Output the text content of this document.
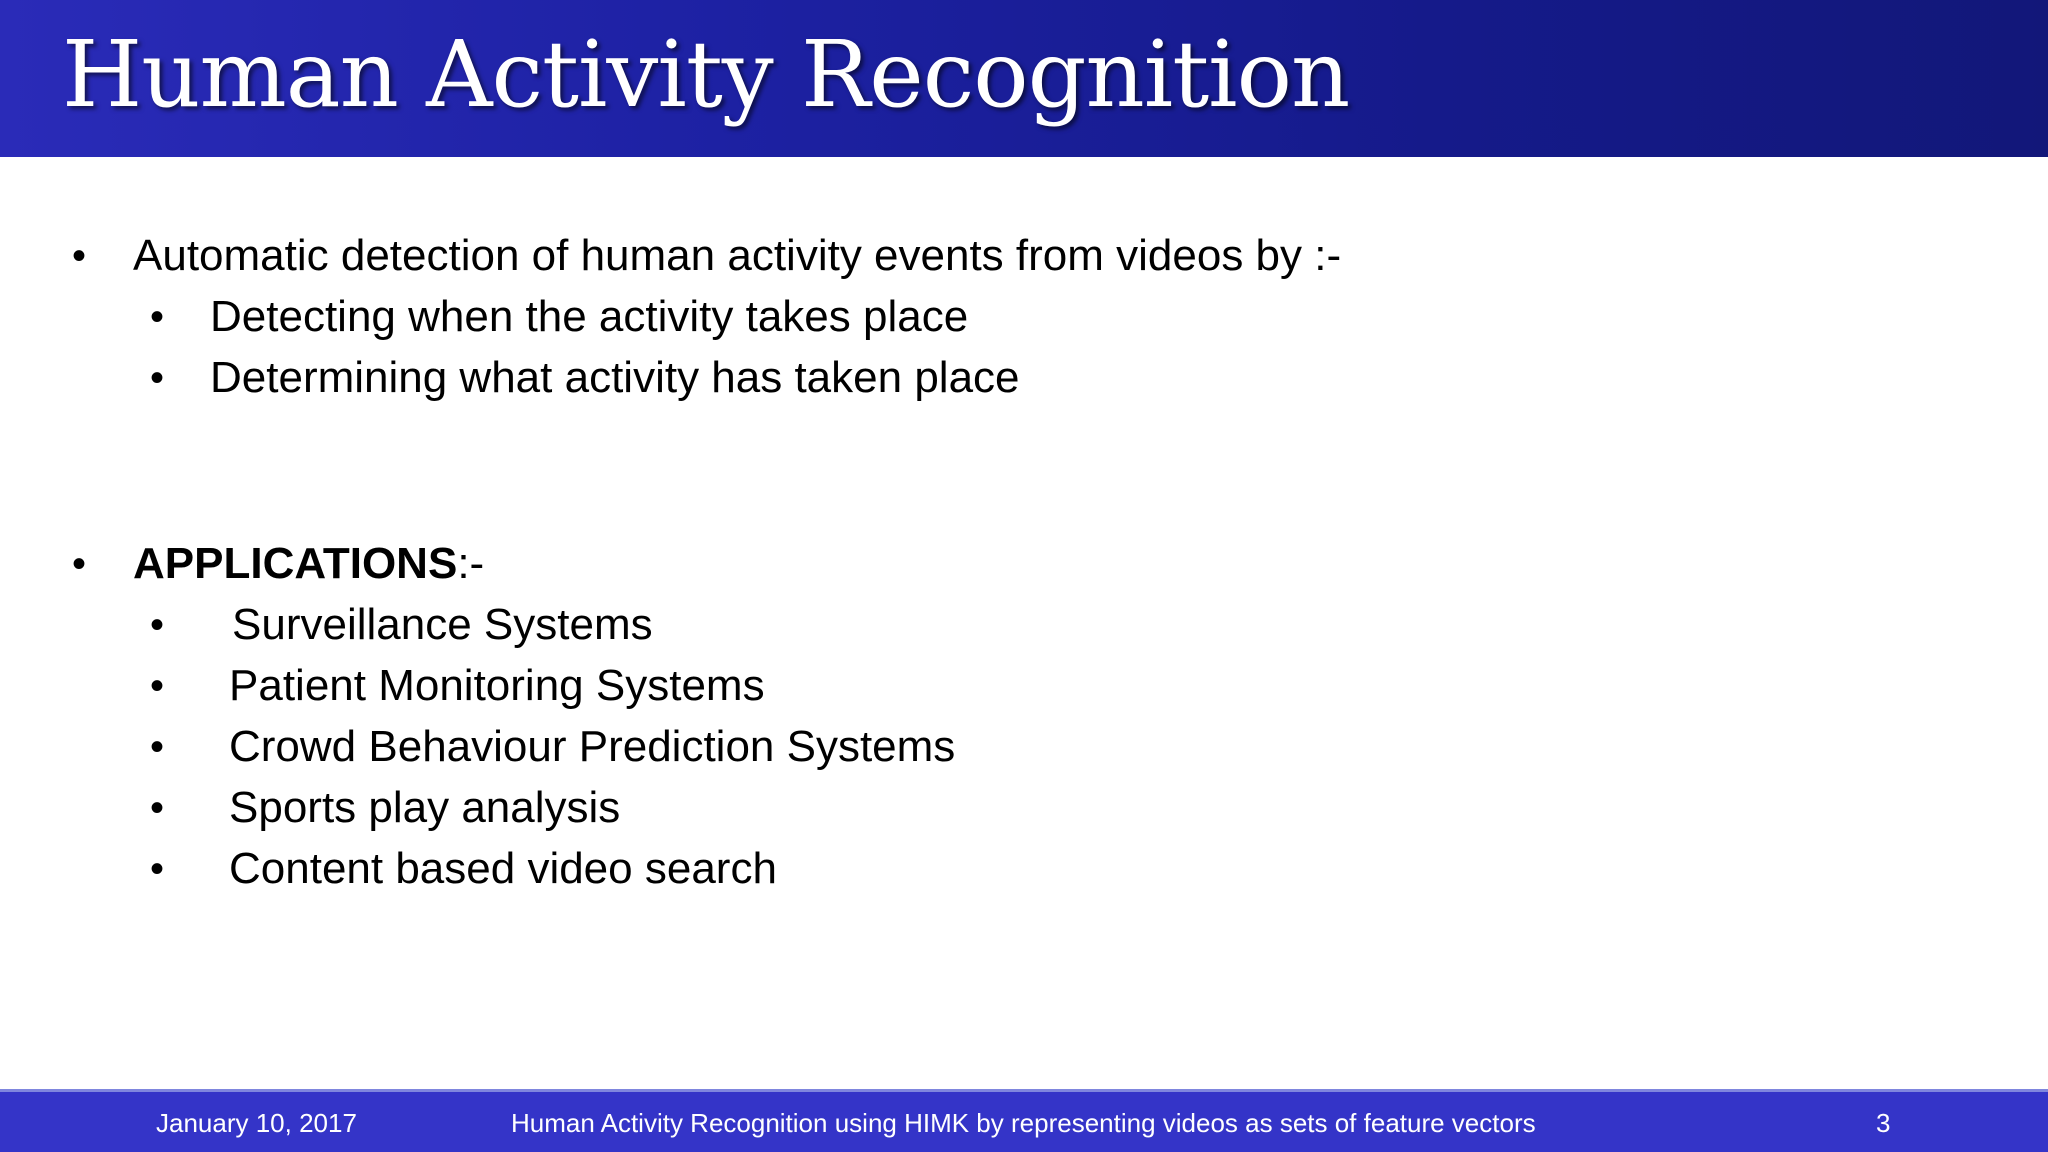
Human Activity Recognition
• Automatic detection of human activity events from videos by :-
• Detecting when the activity takes place
• Determining what activity has taken place
• APPLICATIONS:-
• Surveillance Systems
• Patient Monitoring Systems
• Crowd Behaviour Prediction Systems
• Sports play analysis
• Content based video search
January 10, 2017	Human Activity Recognition using HIMK by representing videos as sets of feature vectors	3
